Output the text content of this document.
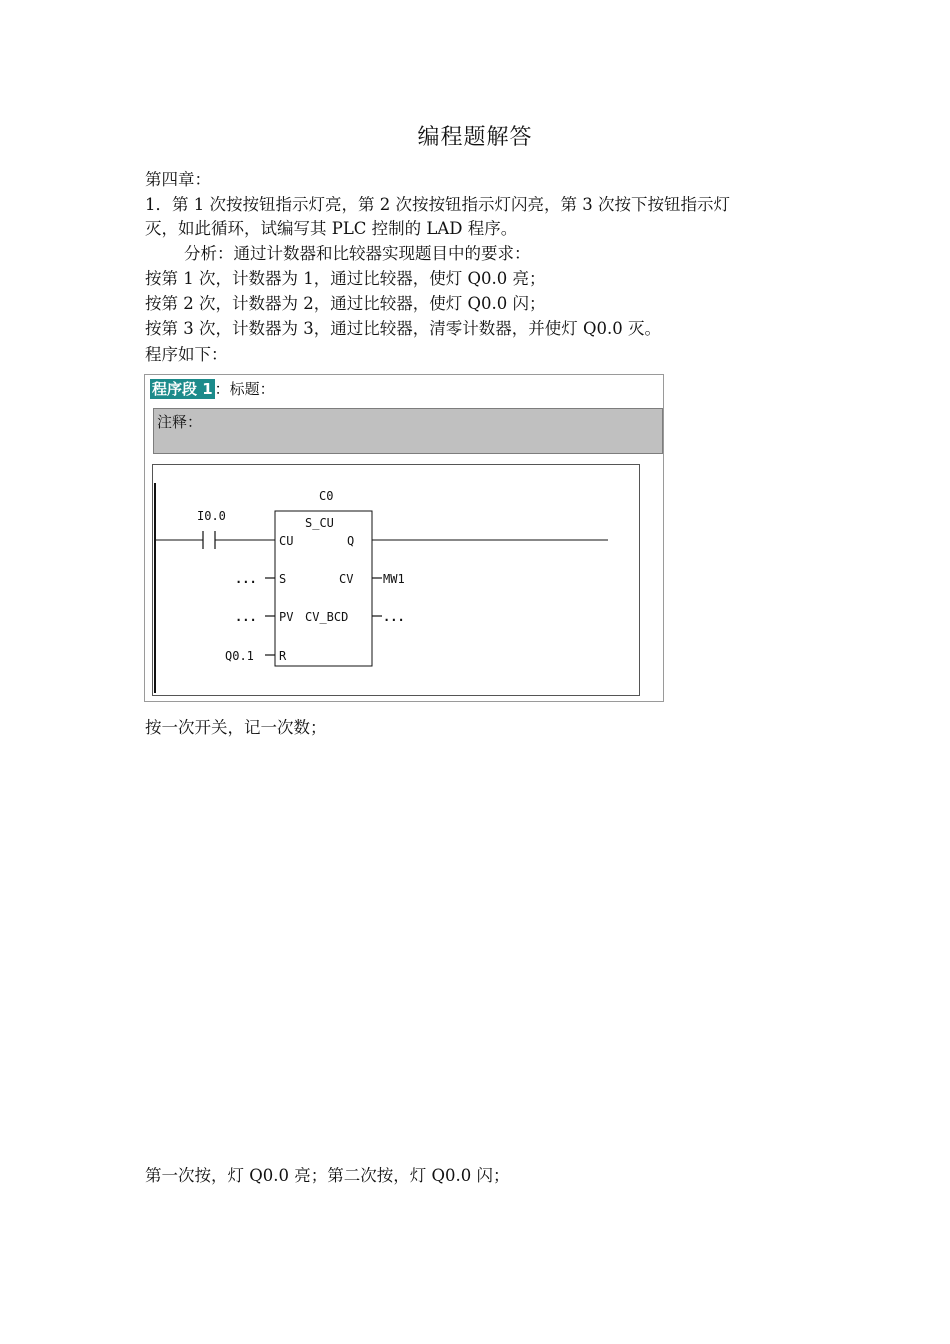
编程题解答
第四章：
1．第 1 次按按钮指示灯亮，第 2 次按按钮指示灯闪亮，第 3 次按下按钮指示灯
灭，如此循环，试编写其 PLC 控制的 LAD 程序。
分析：通过计数器和比较器实现题目中的要求：
按第 1 次，计数器为 1，通过比较器，使灯 Q0.0 亮；
按第 2 次，计数器为 2，通过比较器，使灯 Q0.0 闪；
按第 3 次，计数器为 3，通过比较器，清零计数器，并使灯 Q0.0 灭。
程序如下：
程序段 1 ：标题：
注释：
I0.0
C0
S_CU
CU	Q
S	CV
PV CV_BCD
R
...
...
Q0.1
MW1
...
按一次开关，记一次数；
第一次按，灯 Q0.0 亮；第二次按，灯 Q0.0 闪；
